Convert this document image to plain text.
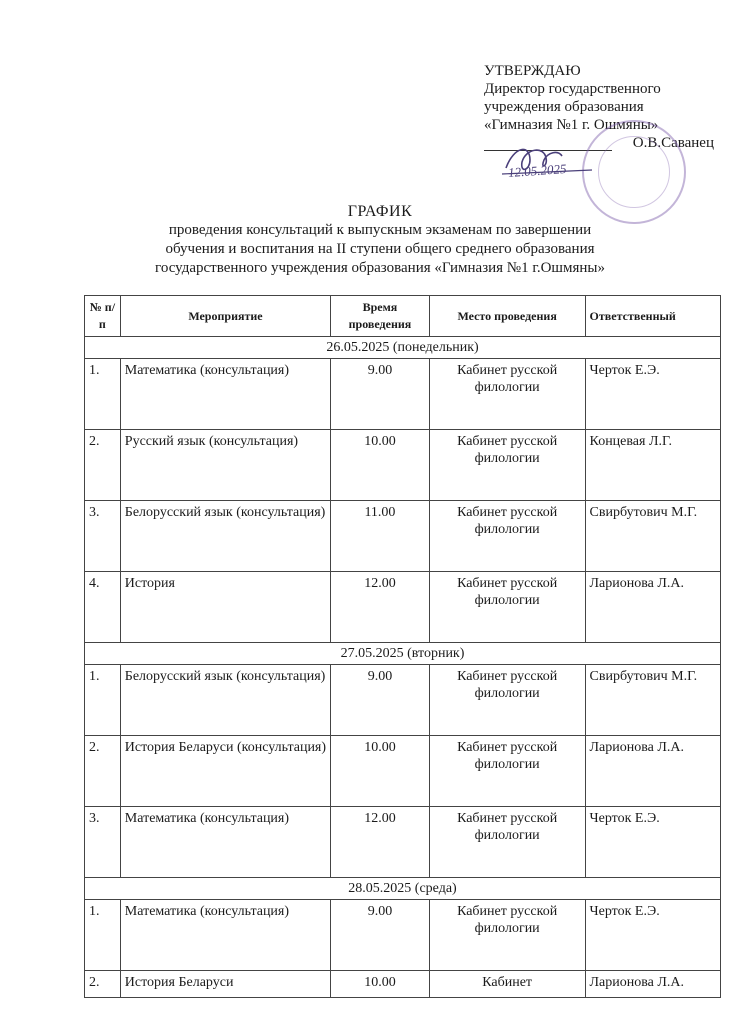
УТВЕРЖДАЮ
Директор государственного
учреждения образования
«Гимназия №1 г. Ошмяны»
О.В.Саванец
12.05.2025
ГРАФИК
проведения консультаций к выпускным экзаменам по завершении
обучения и воспитания на II ступени общего среднего образования
государственного учреждения образования «Гимназия №1 г.Ошмяны»
№ п/п	Мероприятие	Время проведения	Место проведения	Ответственный
26.05.2025 (понедельник)				
1.	Математика (консультация)	9.00	Кабинет русской филологии	Черток Е.Э.
2.	Русский язык (консультация)	10.00	Кабинет русской филологии	Концевая Л.Г.
3.	Белорусский язык (консультация)	11.00	Кабинет русской филологии	Свирбутович М.Г.
4.	История	12.00	Кабинет русской филологии	Ларионова Л.А.
27.05.2025 (вторник)				
1.	Белорусский язык (консультация)	9.00	Кабинет русской филологии	Свирбутович М.Г.
2.	История Беларуси (консультация)	10.00	Кабинет русской филологии	Ларионова Л.А.
3.	Математика (консультация)	12.00	Кабинет русской филологии	Черток Е.Э.
28.05.2025 (среда)				
1.	Математика (консультация)	9.00	Кабинет русской филологии	Черток Е.Э.
2.	История Беларуси	10.00	Кабинет	Ларионова Л.А.
